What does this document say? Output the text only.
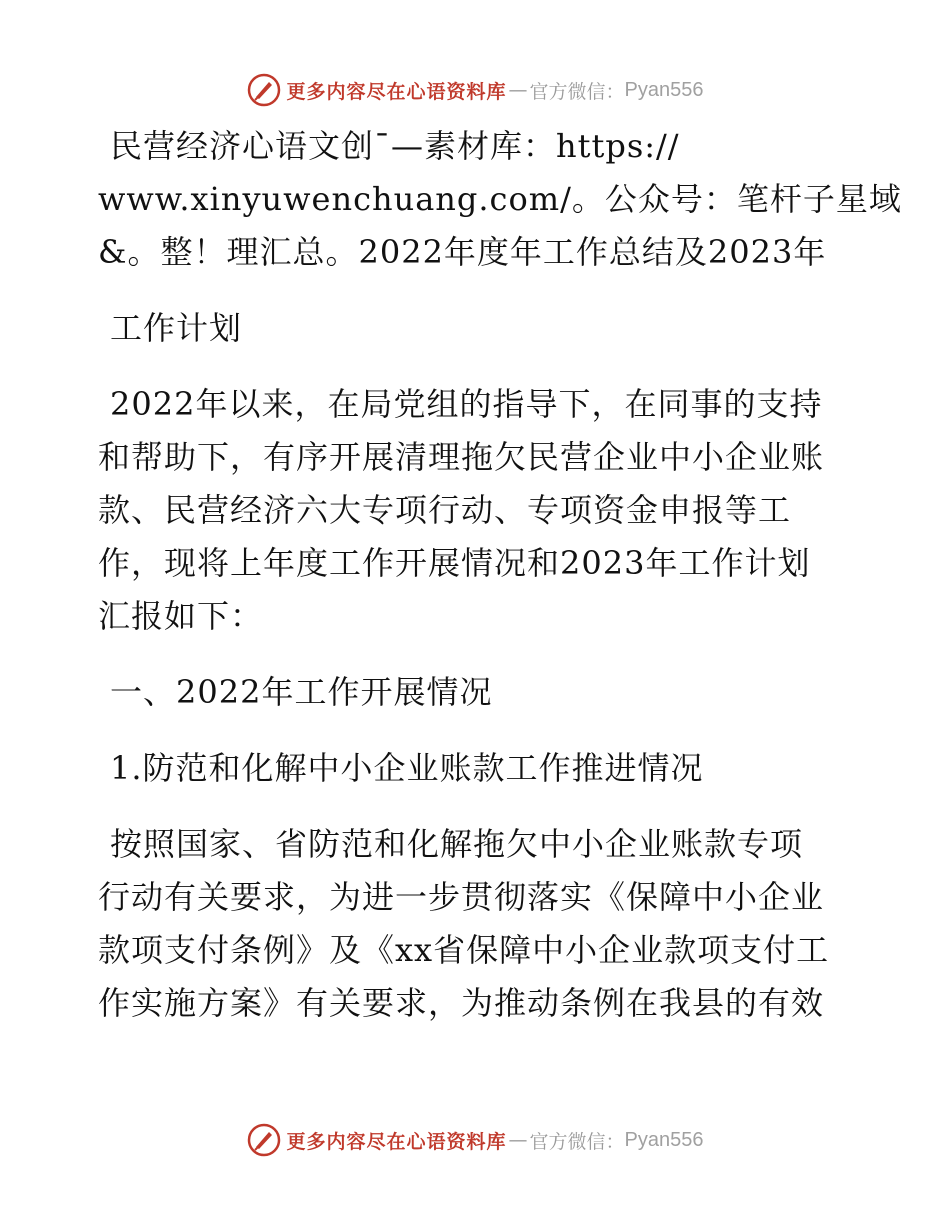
更多内容尽在心语资料库 — 官方微信： Pyan556
民营经济心语文创¯—素材库：https://
www.xinyuwenchuang.com/。公众号：笔杆子星域
&。整！理汇总。2022年度年工作总结及2023年
工作计划
2022年以来，在局党组的指导下，在同事的支持
和帮助下，有序开展清理拖欠民营企业中小企业账
款、民营经济六大专项行动、专项资金申报等工
作，现将上年度工作开展情况和2023年工作计划
汇报如下：
一、2022年工作开展情况
1.防范和化解中小企业账款工作推进情况
按照国家、省防范和化解拖欠中小企业账款专项
行动有关要求，为进一步贯彻落实《保障中小企业
款项支付条例》及《xx省保障中小企业款项支付工
作实施方案》有关要求，为推动条例在我县的有效
更多内容尽在心语资料库 — 官方微信： Pyan556
